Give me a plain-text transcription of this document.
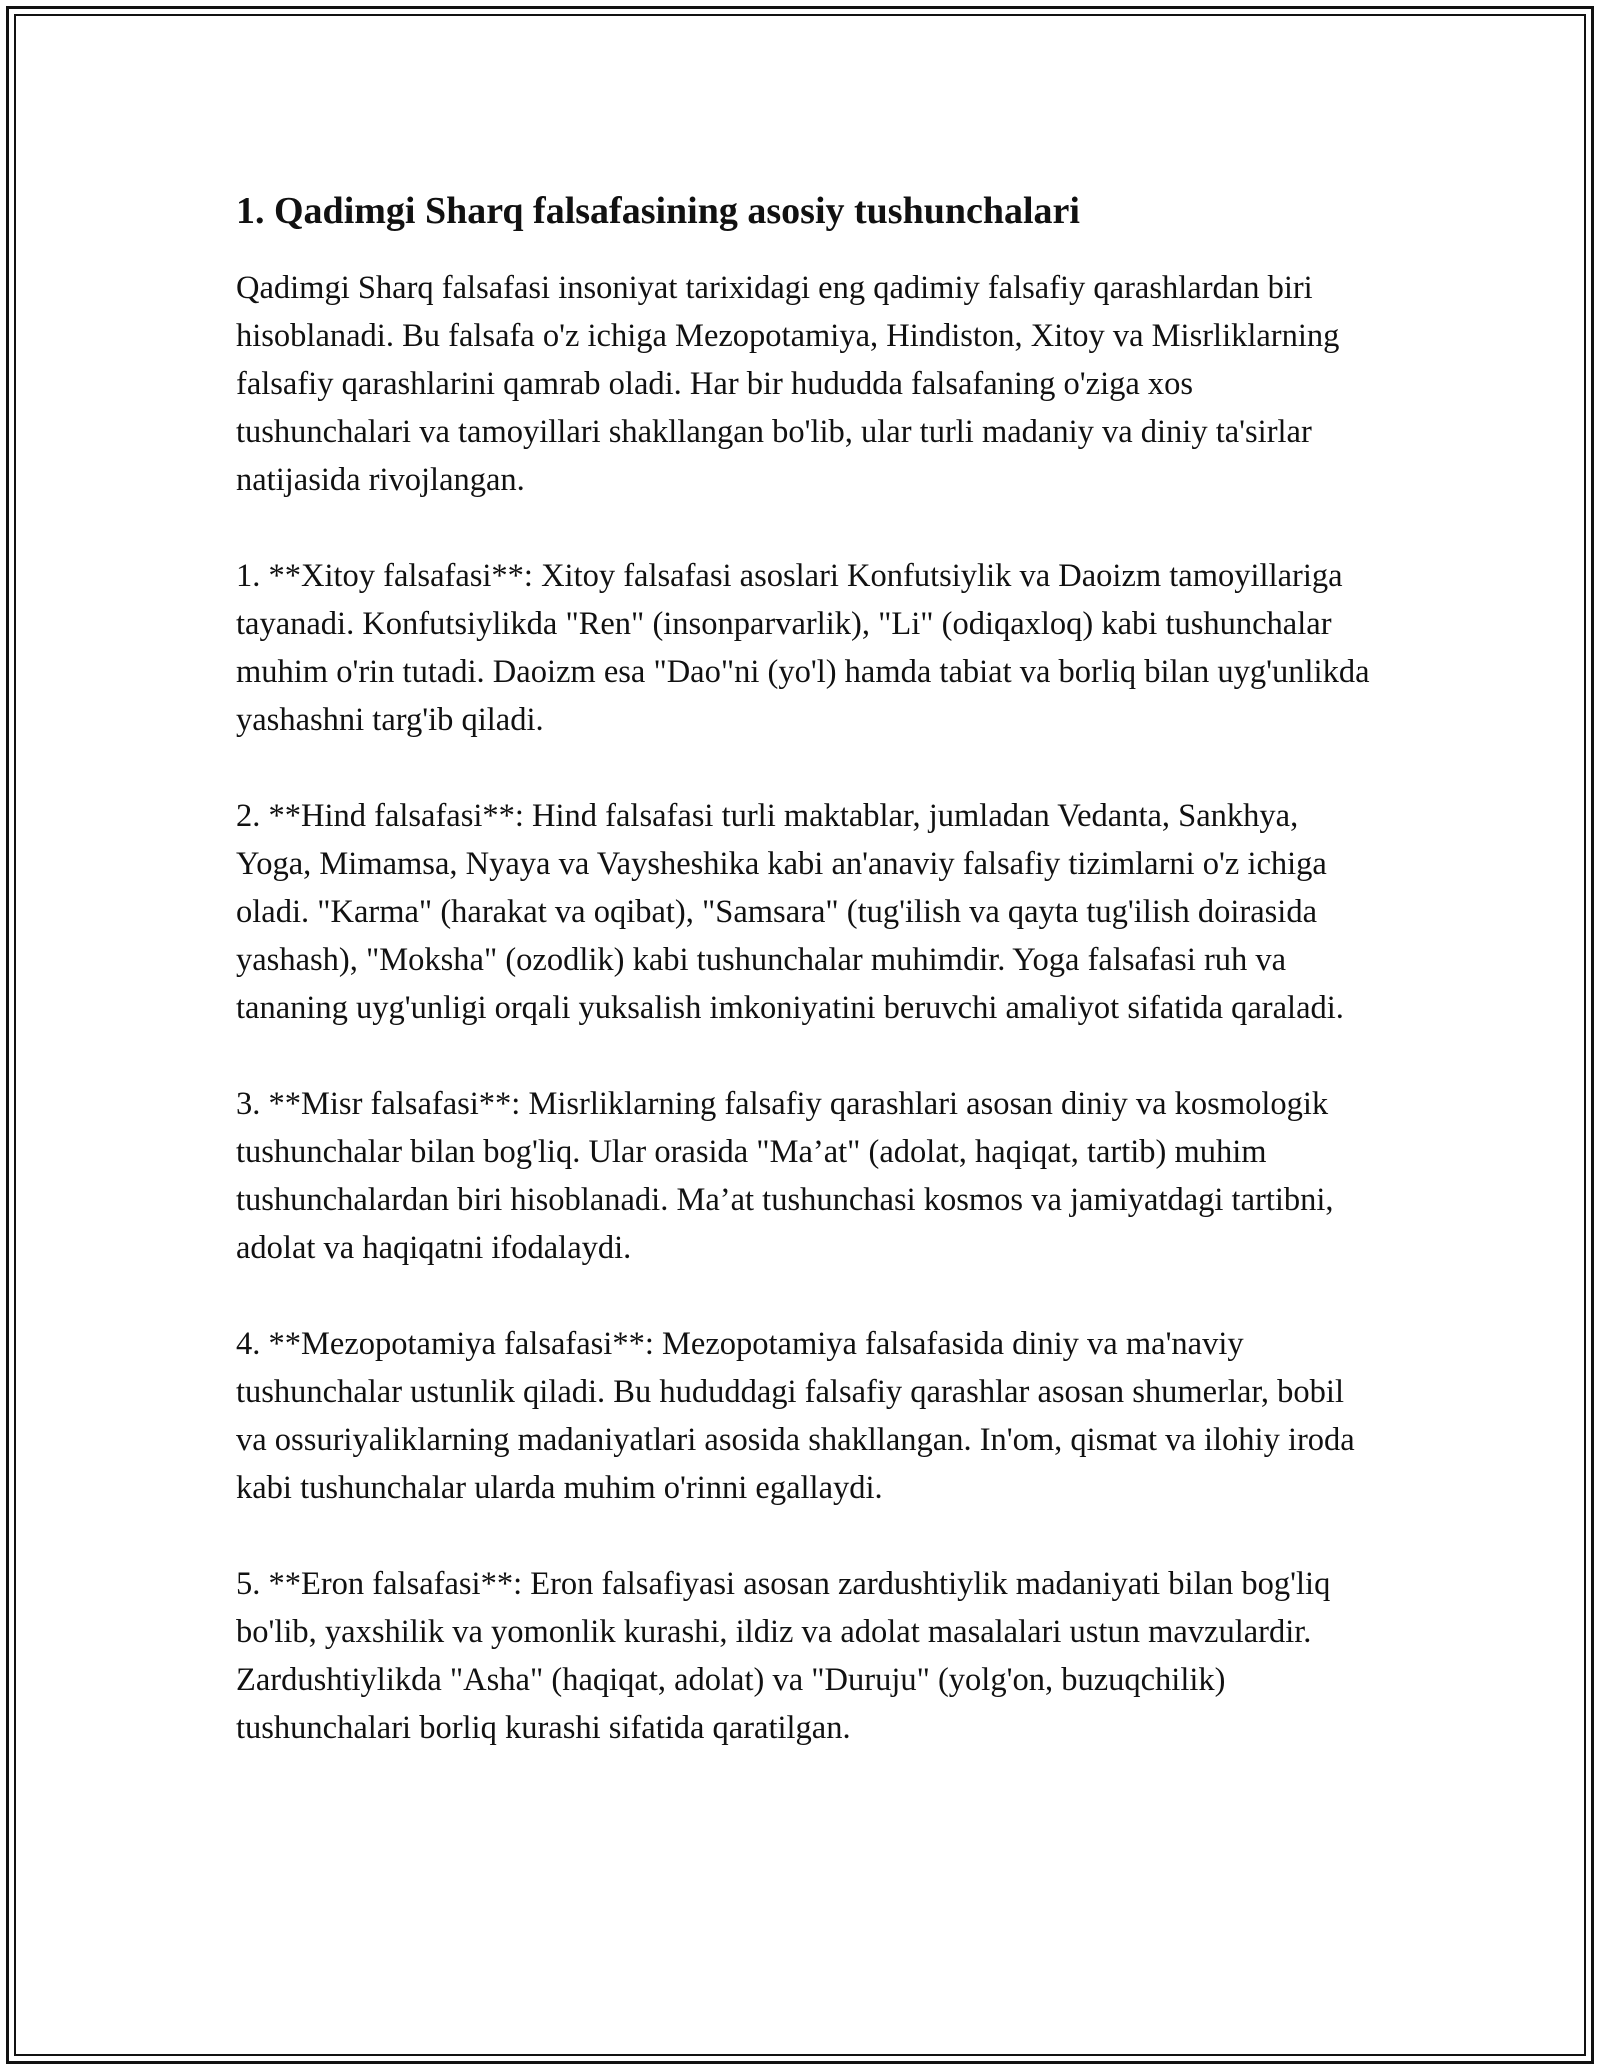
1. Qadimgi Sharq falsafasining asosiy tushunchalari

Qadimgi Sharq falsafasi insoniyat tarixidagi eng qadimiy falsafiy qarashlardan biri hisoblanadi. Bu falsafa o'z ichiga Mezopotamiya, Hindiston, Xitoy va Misrliklarning falsafiy qarashlarini qamrab oladi. Har bir hududda falsafaning o'ziga xos tushunchalari va tamoyillari shakllangan bo'lib, ular turli madaniy va diniy ta'sirlar natijasida rivojlangan.

1. **Xitoy falsafasi**: Xitoy falsafasi asoslari Konfutsiylik va Daoizm tamoyillariga tayanadi. Konfutsiylikda "Ren" (insonparvarlik), "Li" (odiqaxloq) kabi tushunchalar muhim o'rin tutadi. Daoizm esa "Dao"ni (yo'l) hamda tabiat va borliq bilan uyg'unlikda yashashni targ'ib qiladi.

2. **Hind falsafasi**: Hind falsafasi turli maktablar, jumladan Vedanta, Sankhya, Yoga, Mimamsa, Nyaya va Vaysheshika kabi an'anaviy falsafiy tizimlarni o'z ichiga oladi. "Karma" (harakat va oqibat), "Samsara" (tug'ilish va qayta tug'ilish doirasida yashash), "Moksha" (ozodlik) kabi tushunchalar muhimdir. Yoga falsafasi ruh va tananing uyg'unligi orqali yuksalish imkoniyatini beruvchi amaliyot sifatida qaraladi.

3. **Misr falsafasi**: Misrliklarning falsafiy qarashlari asosan diniy va kosmologik tushunchalar bilan bog'liq. Ular orasida "Ma’at" (adolat, haqiqat, tartib) muhim tushunchalardan biri hisoblanadi. Ma’at tushunchasi kosmos va jamiyatdagi tartibni, adolat va haqiqatni ifodalaydi.

4. **Mezopotamiya falsafasi**: Mezopotamiya falsafasida diniy va ma'naviy tushunchalar ustunlik qiladi. Bu hududdagi falsafiy qarashlar asosan shumerlar, bobil va ossuriyaliklarning madaniyatlari asosida shakllangan. In'om, qismat va ilohiy iroda kabi tushunchalar ularda muhim o'rinni egallaydi.

5. **Eron falsafasi**: Eron falsafiyasi asosan zardushtiylik madaniyati bilan bog'liq bo'lib, yaxshilik va yomonlik kurashi, ildiz va adolat masalalari ustun mavzulardir. Zardushtiylikda "Asha" (haqiqat, adolat) va "Duruju" (yolg'on, buzuqchilik) tushunchalari borliq kurashi sifatida qaratilgan.
